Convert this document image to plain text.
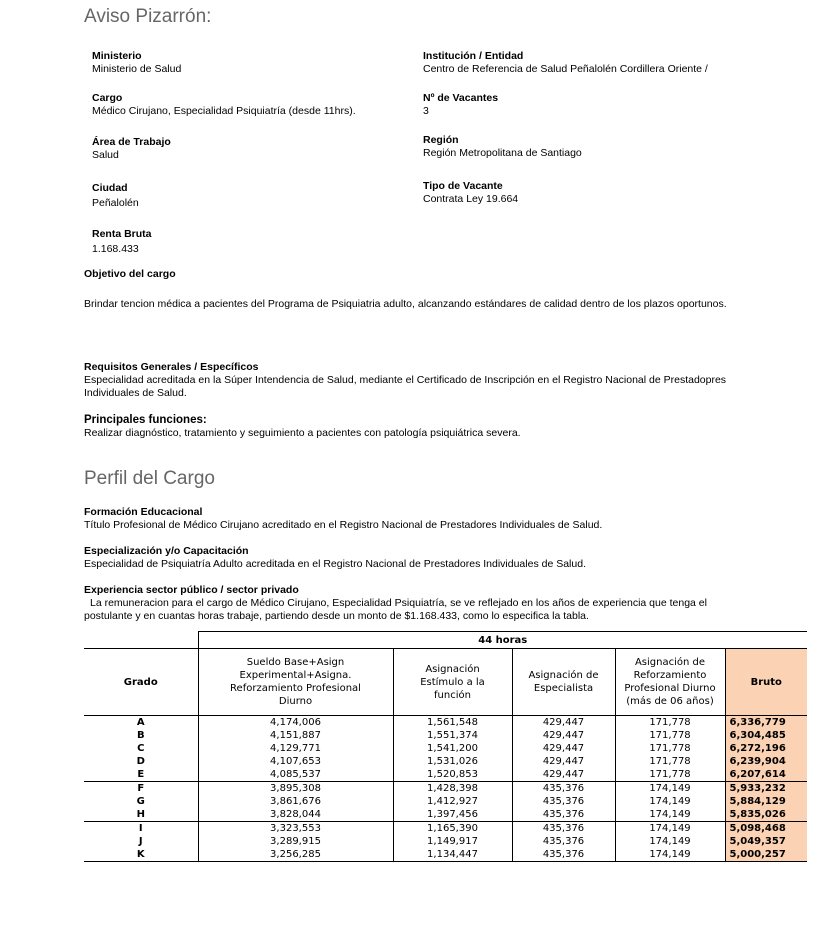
Aviso Pizarrón:
Ministerio
Ministerio de Salud
Institución / Entidad
Centro de Referencia de Salud Peñalolén Cordillera Oriente /
Cargo
Médico Cirujano, Especialidad Psiquiatría (desde 11hrs).
Nº de Vacantes
3
Área de Trabajo
Salud
Región
Región Metropolitana de Santiago
Ciudad
Peñalolén
Tipo de Vacante
Contrata Ley 19.664
Renta Bruta
1.168.433
Objetivo del cargo
Brindar tencion médica a pacientes del Programa de Psiquiatria adulto, alcanzando estándares de calidad dentro de los plazos oportunos.
Requisitos Generales / Específicos
Especialidad acreditada en la Súper Intendencia de Salud, mediante el Certificado de Inscripción en el Registro Nacional de Prestadopres Individuales de Salud.
Principales funciones:
Realizar diagnóstico, tratamiento y seguimiento a pacientes con patología psiquiátrica severa.
Perfil del Cargo
Formación Educacional
Título Profesional de Médico Cirujano acreditado en el Registro Nacional de Prestadores Individuales de Salud.
Especialización y/o Capacitación
Especialidad de Psiquiatría Adulto acreditada en el Registro Nacional de Prestadores Individuales de Salud.
Experiencia sector público / sector privado
La remuneracion para el cargo de Médico Cirujano, Especialidad Psiquiatría, se ve reflejado en los años de experiencia que tenga el postulante y en cuantas horas trabaje, partiendo desde un monto de $1.168.433, como lo especifica la tabla.
	44 horas				
Grado	Sueldo Base+Asign Experimental+Asigna. Reforzamiento Profesional Diurno	Asignación Estímulo a la función	Asignación de Especialista	Asignación de Reforzamiento Profesional Diurno (más de 06 años)	Bruto
A	4,174,006	1,561,548	429,447	171,778	6,336,779
B	4,151,887	1,551,374	429,447	171,778	6,304,485
C	4,129,771	1,541,200	429,447	171,778	6,272,196
D	4,107,653	1,531,026	429,447	171,778	6,239,904
E	4,085,537	1,520,853	429,447	171,778	6,207,614
F	3,895,308	1,428,398	435,376	174,149	5,933,232
G	3,861,676	1,412,927	435,376	174,149	5,884,129
H	3,828,044	1,397,456	435,376	174,149	5,835,026
I	3,323,553	1,165,390	435,376	174,149	5,098,468
J	3,289,915	1,149,917	435,376	174,149	5,049,357
K	3,256,285	1,134,447	435,376	174,149	5,000,257
